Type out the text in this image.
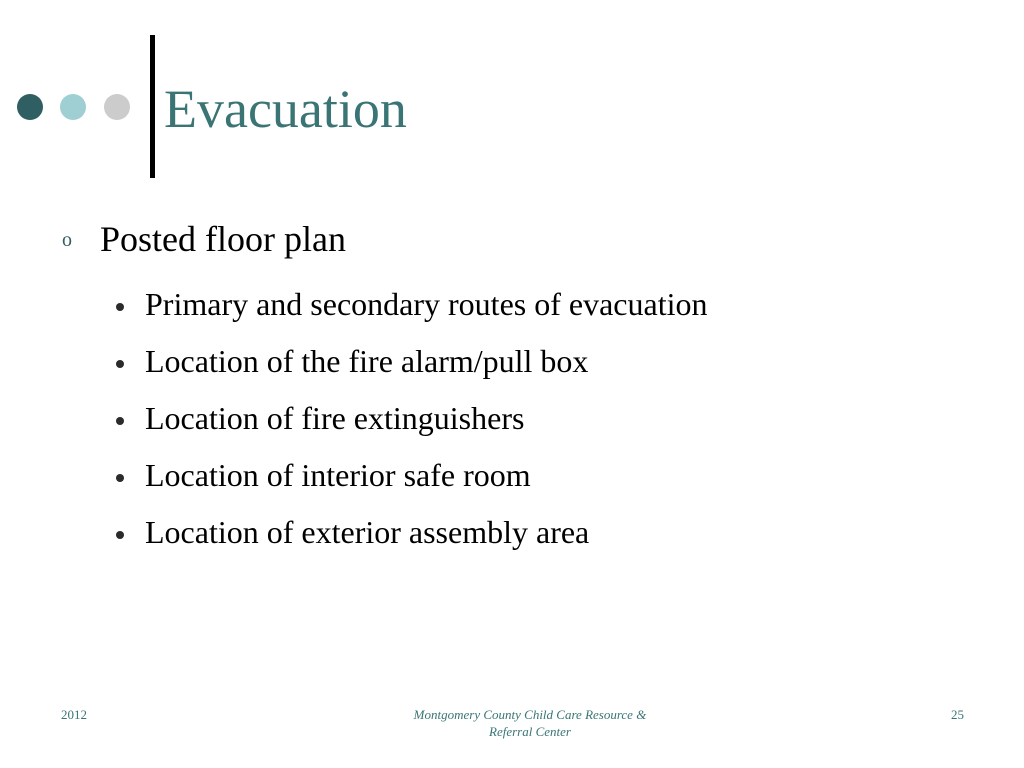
Evacuation
o Posted floor plan
Primary and secondary routes of evacuation
Location of the fire alarm/pull box
Location of fire extinguishers
Location of interior safe room
Location of exterior assembly area
2012	Montgomery County Child Care Resource &
Referral Center
25
